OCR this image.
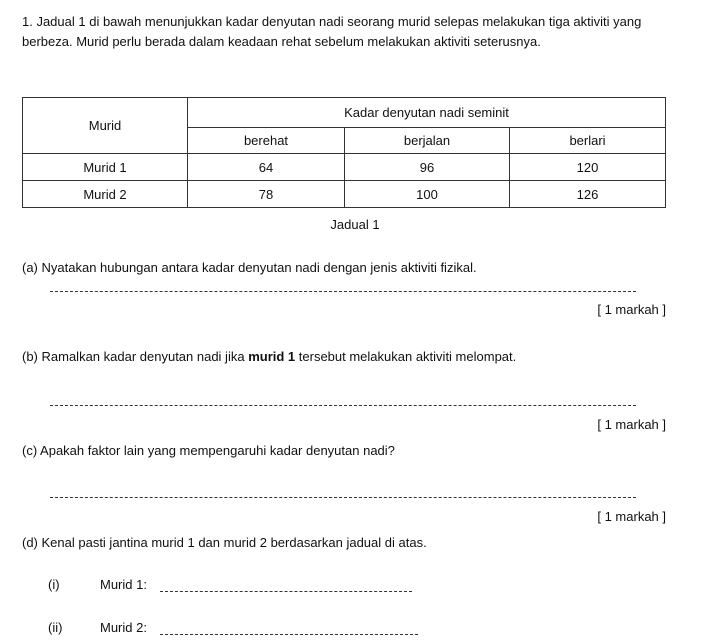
1. Jadual 1 di bawah menunjukkan kadar denyutan nadi seorang murid selepas melakukan tiga aktiviti yang berbeza. Murid perlu berada dalam keadaan rehat sebelum melakukan aktiviti seterusnya.
Murid	Kadar denyutan nadi seminit		
	berehat	berjalan	berlari
Murid 1	64	96	120
Murid 2	78	100	126
Jadual 1
(a) Nyatakan hubungan antara kadar denyutan nadi dengan jenis aktiviti fizikal.
[ 1 markah ]
(b) Ramalkan kadar denyutan nadi jika murid 1 tersebut melakukan aktiviti melompat.
[ 1 markah ]
(c) Apakah faktor lain yang mempengaruhi kadar denyutan nadi?
[ 1 markah ]
(d) Kenal pasti jantina murid 1 dan murid 2 berdasarkan jadual di atas.
(i)	Murid 1:
(ii)	Murid 2:
